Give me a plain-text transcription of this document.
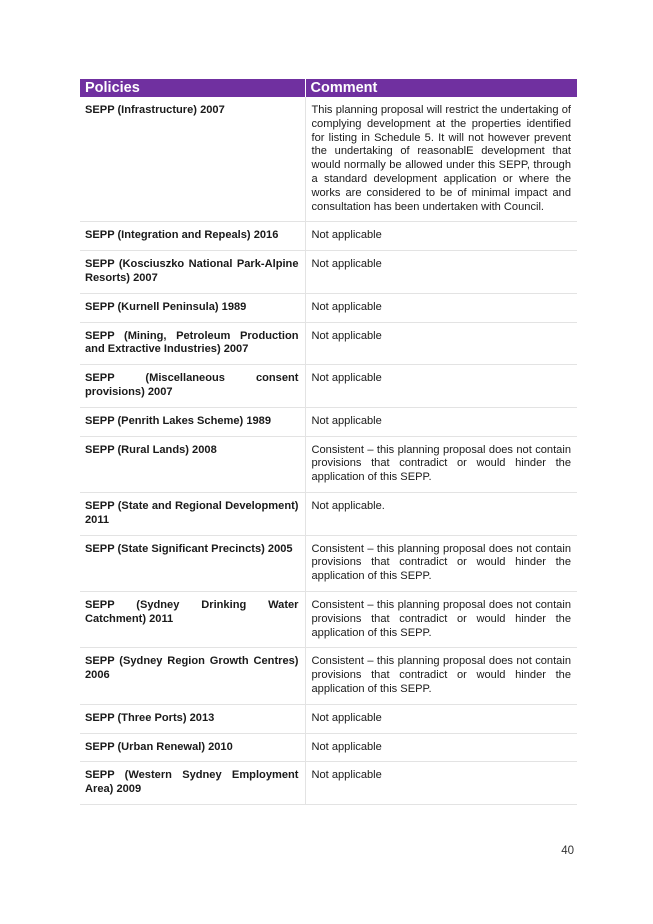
Policies	Comment
SEPP (Infrastructure) 2007	This planning proposal will restrict the undertaking of complying development at the properties identified for listing in Schedule 5. It will not however prevent the undertaking of reasonablE development that would normally be allowed under this SEPP, through a standard development application or where the works are considered to be of minimal impact and consultation has been undertaken with Council.
SEPP (Integration and Repeals) 2016	Not applicable
SEPP (Kosciuszko National Park-Alpine Resorts) 2007	Not applicable
SEPP (Kurnell Peninsula) 1989	Not applicable
SEPP (Mining, Petroleum Production and Extractive Industries) 2007	Not applicable
SEPP (Miscellaneous consent provisions) 2007	Not applicable
SEPP (Penrith Lakes Scheme) 1989	Not applicable
SEPP (Rural Lands) 2008	Consistent – this planning proposal does not contain provisions that contradict or would hinder the application of this SEPP.
SEPP (State and Regional Development) 2011	Not applicable.
SEPP (State Significant Precincts) 2005	Consistent – this planning proposal does not contain provisions that contradict or would hinder the application of this SEPP.
SEPP (Sydney Drinking Water Catchment) 2011	Consistent – this planning proposal does not contain provisions that contradict or would hinder the application of this SEPP.
SEPP (Sydney Region Growth Centres) 2006	Consistent – this planning proposal does not contain provisions that contradict or would hinder the application of this SEPP.
SEPP (Three Ports) 2013	Not applicable
SEPP (Urban Renewal) 2010	Not applicable
SEPP (Western Sydney Employment Area) 2009	Not applicable
40
